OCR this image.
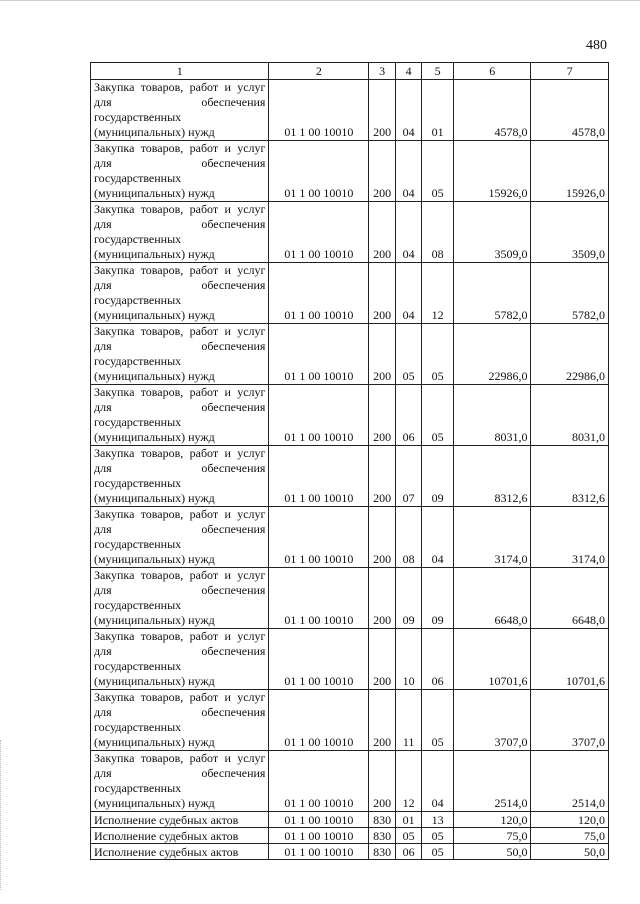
480
1	2	3	4	5	6	7
Закупка товаров, работ и услуг для обеспечения государственных (муниципальных) нужд	01 1 00 10010	200	04	01	4578,0	4578,0
Закупка товаров, работ и услуг для обеспечения государственных (муниципальных) нужд	01 1 00 10010	200	04	05	15926,0	15926,0
Закупка товаров, работ и услуг для обеспечения государственных (муниципальных) нужд	01 1 00 10010	200	04	08	3509,0	3509,0
Закупка товаров, работ и услуг для обеспечения государственных (муниципальных) нужд	01 1 00 10010	200	04	12	5782,0	5782,0
Закупка товаров, работ и услуг для обеспечения государственных (муниципальных) нужд	01 1 00 10010	200	05	05	22986,0	22986,0
Закупка товаров, работ и услуг для обеспечения государственных (муниципальных) нужд	01 1 00 10010	200	06	05	8031,0	8031,0
Закупка товаров, работ и услуг для обеспечения государственных (муниципальных) нужд	01 1 00 10010	200	07	09	8312,6	8312,6
Закупка товаров, работ и услуг для обеспечения государственных (муниципальных) нужд	01 1 00 10010	200	08	04	3174,0	3174,0
Закупка товаров, работ и услуг для обеспечения государственных (муниципальных) нужд	01 1 00 10010	200	09	09	6648,0	6648,0
Закупка товаров, работ и услуг для обеспечения государственных (муниципальных) нужд	01 1 00 10010	200	10	06	10701,6	10701,6
Закупка товаров, работ и услуг для обеспечения государственных (муниципальных) нужд	01 1 00 10010	200	11	05	3707,0	3707,0
Закупка товаров, работ и услуг для обеспечения государственных (муниципальных) нужд	01 1 00 10010	200	12	04	2514,0	2514,0
Исполнение судебных актов	01 1 00 10010	830	01	13	120,0	120,0
Исполнение судебных актов	01 1 00 10010	830	05	05	75,0	75,0
Исполнение судебных актов	01 1 00 10010	830	06	05	50,0	50,0
